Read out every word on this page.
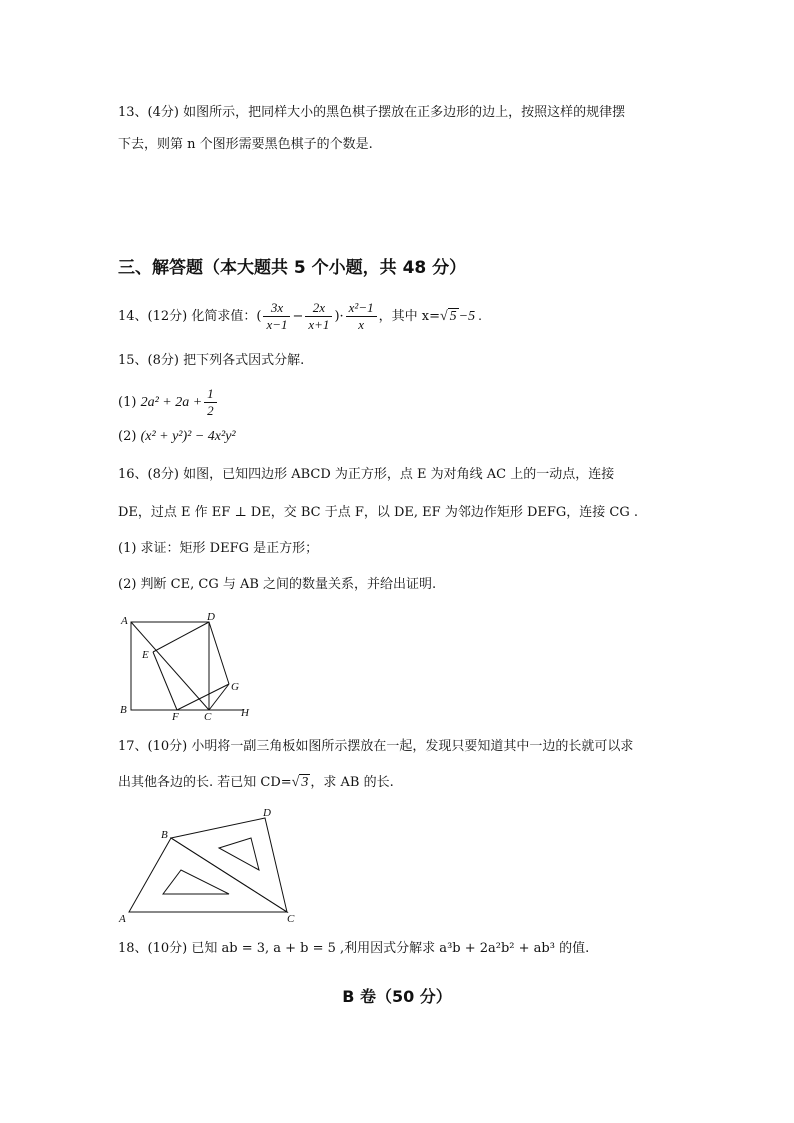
13、(4分) 如图所示，把同样大小的黑色棋子摆放在正多边形的边上，按照这样的规律摆
下去，则第 n 个图形需要黑色棋子的个数是.
三、解答题（本大题共 5 个小题，共 48 分）
14、(12分) 化简求值：( $\frac{3x}{x-1} - \frac{2x}{x+1}$ )· $\frac{\text{x²−1}}{x}$ ，其中 x=√ 5 −5 .
15、(8分) 把下列各式因式分解.
(1) $2a^2 + 2a + \frac{1}{2}$
(2) (x² + y²)² − 4x²y²
16、(8分) 如图，已知四边形 ABCD 为正方形，点 E 为对角线 AC 上的一动点，连接
DE，过点 E 作 EF ⊥ DE，交 BC 于点 F，以 DE, EF 为邻边作矩形 DEFG，连接 CG .
(1) 求证：矩形 DEFG 是正方形；
(2) 判断 CE, CG 与 AB 之间的数量关系，并给出证明.
A	D
E
G
B
F C	H
17、(10分) 小明将一副三角板如图所示摆放在一起，发现只要知道其中一边的长就可以求
出其他各边的长. 若已知 CD=√ 3 ，求 AB 的长.
B
D
A	C
18、(10分) 已知 ab = 3, a + b = 5 ,利用因式分解求 a³b + 2a²b² + ab³ 的值.
B 卷（50 分）
